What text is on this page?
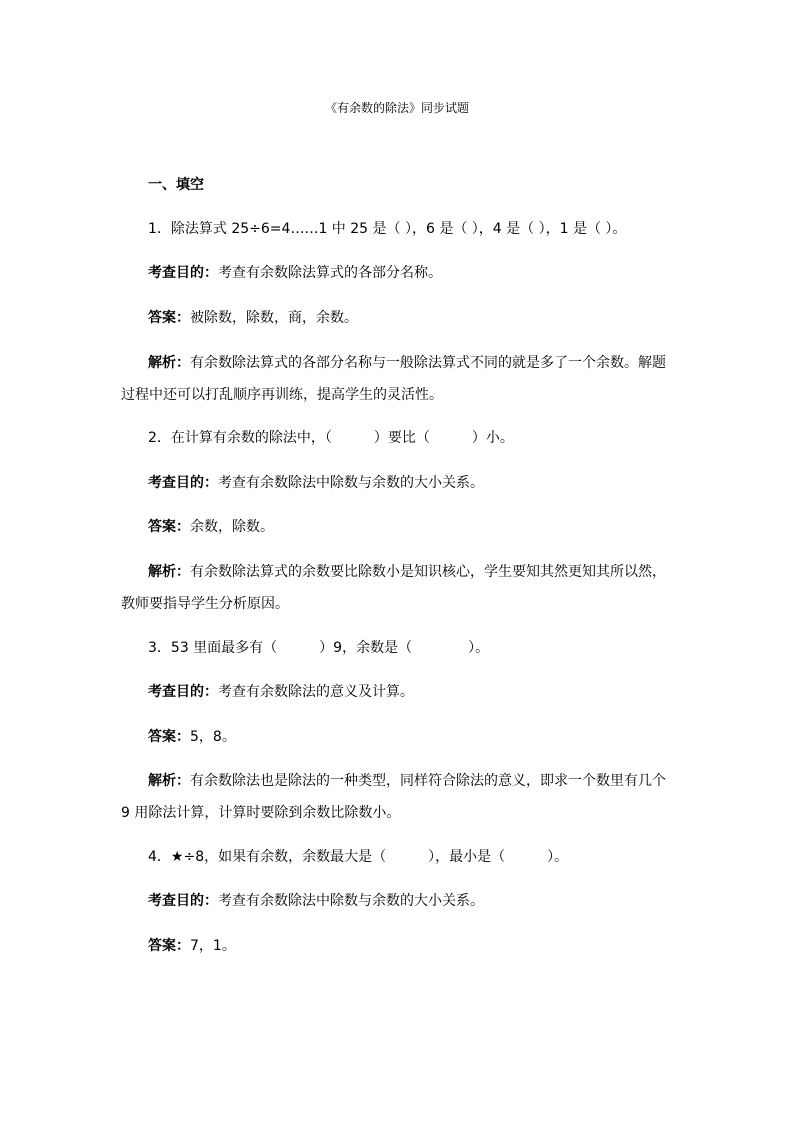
《有余数的除法》同步试题
一、填空
1．除法算式 25÷6=4……1 中 25 是（ ），6 是（ ），4 是（ ），1 是（ ）。
考查目的：考查有余数除法算式的各部分名称。
答案：被除数，除数，商，余数。
解析：有余数除法算式的各部分名称与一般除法算式不同的就是多了一个余数。解题过程中还可以打乱顺序再训练，提高学生的灵活性。
2．在计算有余数的除法中，（　　　）要比（　　　）小。
考查目的：考查有余数除法中除数与余数的大小关系。
答案：余数，除数。
解析：有余数除法算式的余数要比除数小是知识核心，学生要知其然更知其所以然，教师要指导学生分析原因。
3．53 里面最多有（　　　）9，余数是（　　　　）。
考查目的：考查有余数除法的意义及计算。
答案：5，8。
解析：有余数除法也是除法的一种类型，同样符合除法的意义，即求一个数里有几个 9 用除法计算，计算时要除到余数比除数小。
4．★÷8，如果有余数，余数最大是（　　　），最小是（　　　）。
考查目的：考查有余数除法中除数与余数的大小关系。
答案：7，1。
